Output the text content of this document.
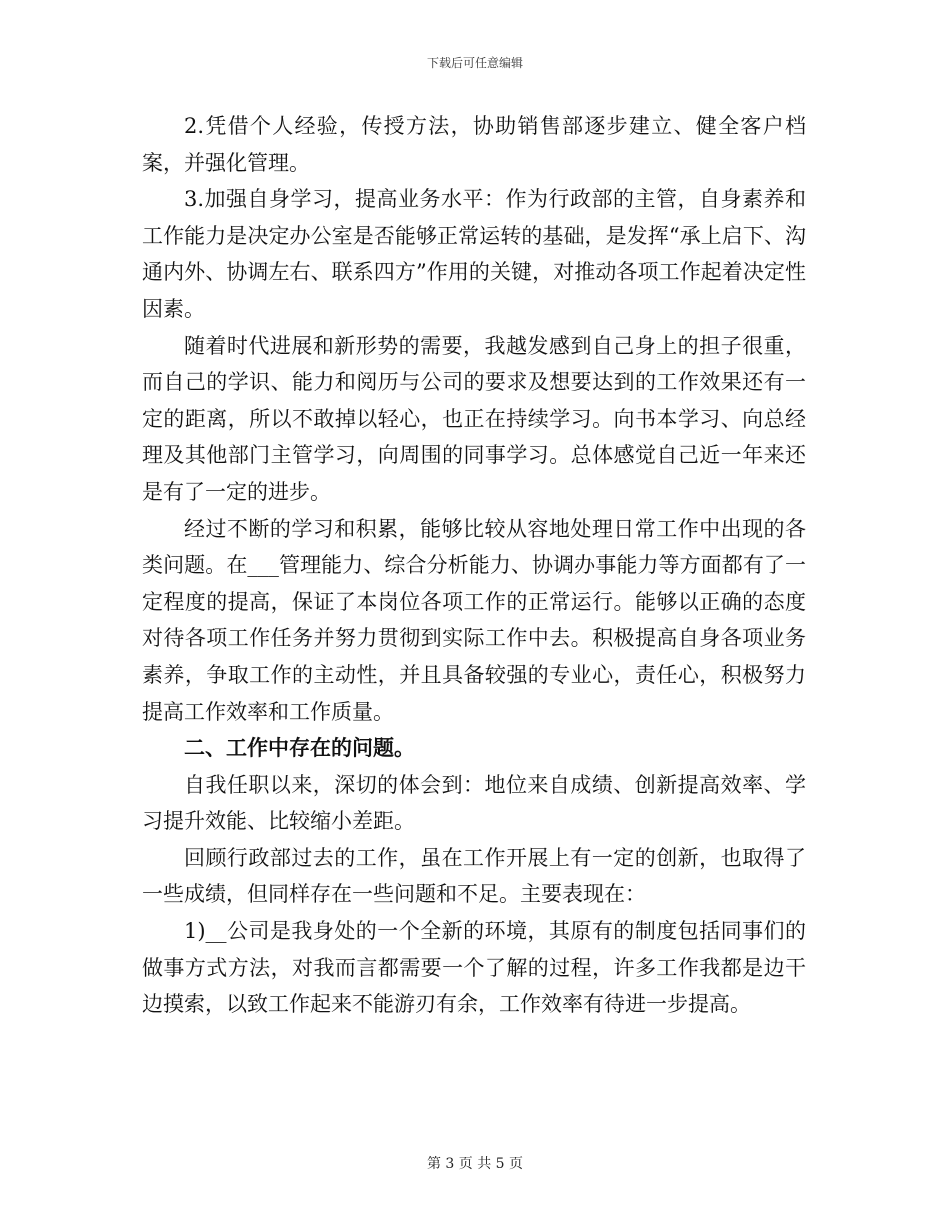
下载后可任意编辑

2.凭借个人经验，传授方法，协助销售部逐步建立、健全客户档案，并强化管理。

3.加强自身学习，提高业务水平：作为行政部的主管，自身素养和工作能力是决定办公室是否能够正常运转的基础，是发挥“承上启下、沟通内外、协调左右、联系四方”作用的关键，对推动各项工作起着决定性因素。

随着时代进展和新形势的需要，我越发感到自己身上的担子很重，而自己的学识、能力和阅历与公司的要求及想要达到的工作效果还有一定的距离，所以不敢掉以轻心，也正在持续学习。向书本学习、向总经理及其他部门主管学习，向周围的同事学习。总体感觉自己近一年来还是有了一定的进步。

经过不断的学习和积累，能够比较从容地处理日常工作中出现的各类问题。在___管理能力、综合分析能力、协调办事能力等方面都有了一定程度的提高，保证了本岗位各项工作的正常运行。能够以正确的态度对待各项工作任务并努力贯彻到实际工作中去。积极提高自身各项业务素养，争取工作的主动性，并且具备较强的专业心，责任心，积极努力提高工作效率和工作质量。

二、工作中存在的问题。

自我任职以来，深切的体会到：地位来自成绩、创新提高效率、学习提升效能、比较缩小差距。

回顾行政部过去的工作，虽在工作开展上有一定的创新，也取得了一些成绩，但同样存在一些问题和不足。主要表现在：

1)__公司是我身处的一个全新的环境，其原有的制度包括同事们的做事方式方法，对我而言都需要一个了解的过程，许多工作我都是边干边摸索，以致工作起来不能游刃有余，工作效率有待进一步提高。

第 3 页 共 5 页
